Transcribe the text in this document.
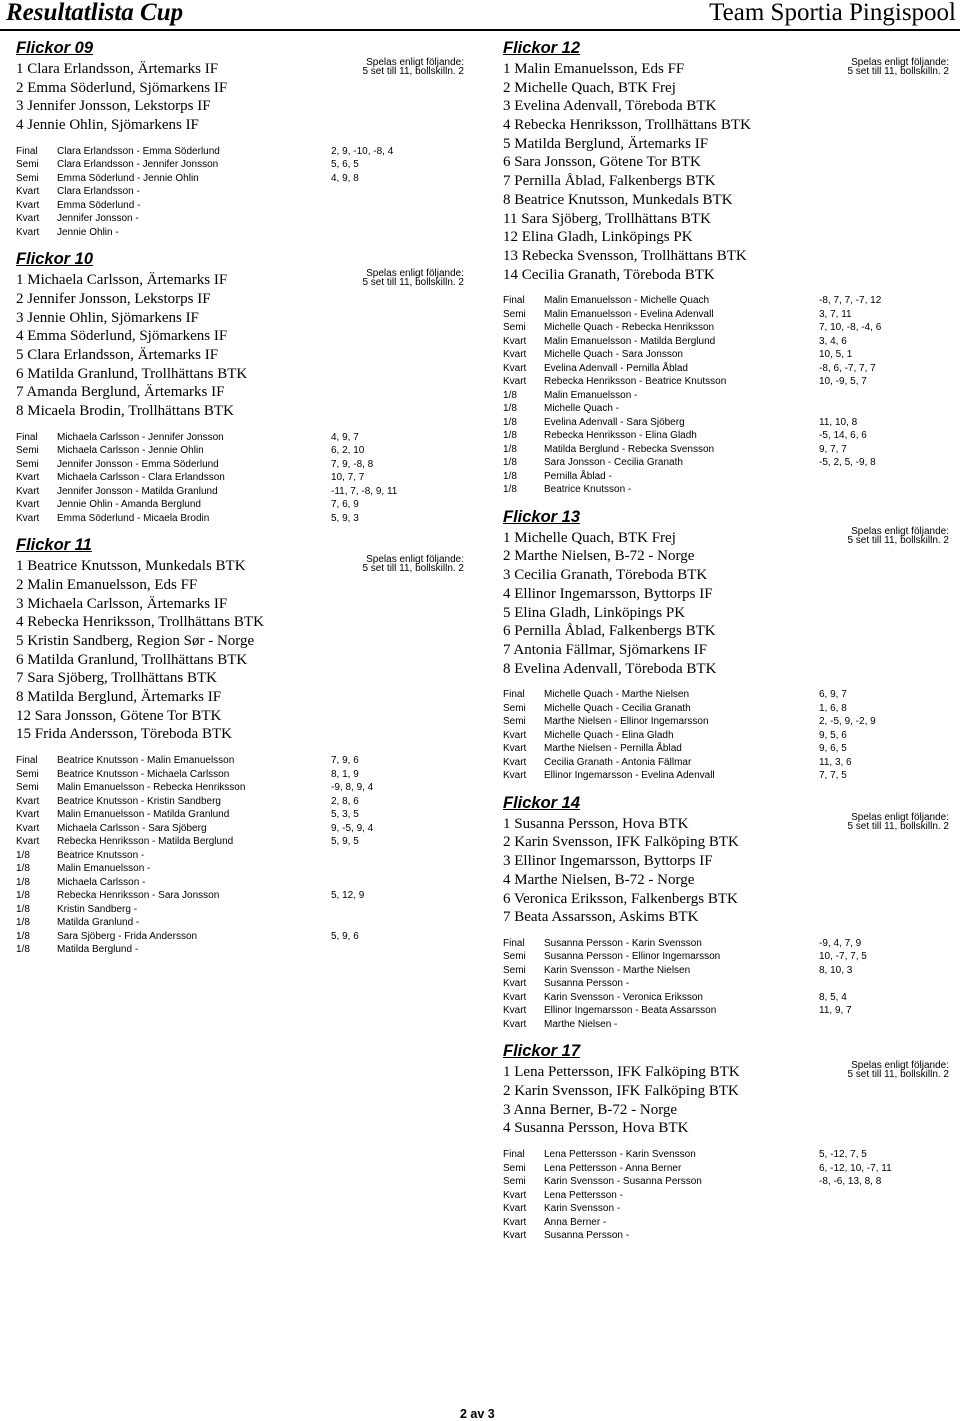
Resultatlista Cup	Team Sportia Pingispool
Flickor 09
Spelas enligt följande:
5 set till 11, bollskilln. 2
1 Clara Erlandsson, Ärtemarks IF
2 Emma Söderlund, Sjömarkens IF
3 Jennifer Jonsson, Lekstorps IF
4 Jennie Ohlin, Sjömarkens IF
Final Clara Erlandsson - Emma Söderlund	2, 9, -10, -8, 4
Semi Clara Erlandsson - Jennifer Jonsson	5, 6, 5
Semi Emma Söderlund - Jennie Ohlin	4, 9, 8
Kvart Clara Erlandsson -
Kvart Emma Söderlund -
Kvart Jennifer Jonsson -
Kvart Jennie Ohlin -
Flickor 10
Spelas enligt följande:
5 set till 11, bollskilln. 2
1 Michaela Carlsson, Ärtemarks IF
2 Jennifer Jonsson, Lekstorps IF
3 Jennie Ohlin, Sjömarkens IF
4 Emma Söderlund, Sjömarkens IF
5 Clara Erlandsson, Ärtemarks IF
6 Matilda Granlund, Trollhättans BTK
7 Amanda Berglund, Ärtemarks IF
8 Micaela Brodin, Trollhättans BTK
Final Michaela Carlsson - Jennifer Jonsson	4, 9, 7
Semi Michaela Carlsson - Jennie Ohlin	6, 2, 10
Semi Jennifer Jonsson - Emma Söderlund	7, 9, -8, 8
Kvart Michaela Carlsson - Clara Erlandsson	10, 7, 7
Kvart Jennifer Jonsson - Matilda Granlund	-11, 7, -8, 9, 11
Kvart Jennie Ohlin - Amanda Berglund	7, 6, 9
Kvart Emma Söderlund - Micaela Brodin	5, 9, 3
Flickor 11
Spelas enligt följande:
5 set till 11, bollskilln. 2
1 Beatrice Knutsson, Munkedals BTK
2 Malin Emanuelsson, Eds FF
3 Michaela Carlsson, Ärtemarks IF
4 Rebecka Henriksson, Trollhättans BTK
5 Kristin Sandberg, Region Sør - Norge
6 Matilda Granlund, Trollhättans BTK
7 Sara Sjöberg, Trollhättans BTK
8 Matilda Berglund, Ärtemarks IF
12 Sara Jonsson, Götene Tor BTK
15 Frida Andersson, Töreboda BTK
Final Beatrice Knutsson - Malin Emanuelsson	7, 9, 6
Semi Beatrice Knutsson - Michaela Carlsson	8, 1, 9
Semi Malin Emanuelsson - Rebecka Henriksson	-9, 8, 9, 4
Kvart Beatrice Knutsson - Kristin Sandberg	2, 8, 6
Kvart Malin Emanuelsson - Matilda Granlund	5, 3, 5
Kvart Michaela Carlsson - Sara Sjöberg	9, -5, 9, 4
Kvart Rebecka Henriksson - Matilda Berglund	5, 9, 5
1/8	Beatrice Knutsson -
1/8	Malin Emanuelsson -
1/8	Michaela Carlsson -
1/8	Rebecka Henriksson - Sara Jonsson	5, 12, 9
1/8	Kristin Sandberg -
1/8	Matilda Granlund -
1/8	Sara Sjöberg - Frida Andersson	5, 9, 6
1/8	Matilda Berglund -
Flickor 12
Spelas enligt följande:
5 set till 11, bollskilln. 2
1 Malin Emanuelsson, Eds FF
2 Michelle Quach, BTK Frej
3 Evelina Adenvall, Töreboda BTK
4 Rebecka Henriksson, Trollhättans BTK
5 Matilda Berglund, Ärtemarks IF
6 Sara Jonsson, Götene Tor BTK
7 Pernilla Åblad, Falkenbergs BTK
8 Beatrice Knutsson, Munkedals BTK
11 Sara Sjöberg, Trollhättans BTK
12 Elina Gladh, Linköpings PK
13 Rebecka Svensson, Trollhättans BTK
14 Cecilia Granath, Töreboda BTK
Final Malin Emanuelsson - Michelle Quach	-8, 7, 7, -7, 12
Semi Malin Emanuelsson - Evelina Adenvall	3, 7, 11
Semi Michelle Quach - Rebecka Henriksson	7, 10, -8, -4, 6
Kvart Malin Emanuelsson - Matilda Berglund	3, 4, 6
Kvart Michelle Quach - Sara Jonsson	10, 5, 1
Kvart Evelina Adenvall - Pernilla Åblad	-8, 6, -7, 7, 7
Kvart Rebecka Henriksson - Beatrice Knutsson	10, -9, 5, 7
1/8	Malin Emanuelsson -
1/8	Michelle Quach -
1/8	Evelina Adenvall - Sara Sjöberg	11, 10, 8
1/8	Rebecka Henriksson - Elina Gladh	-5, 14, 6, 6
1/8	Matilda Berglund - Rebecka Svensson	9, 7, 7
1/8	Sara Jonsson - Cecilia Granath	-5, 2, 5, -9, 8
1/8	Pernilla Åblad -
1/8	Beatrice Knutsson -
Flickor 13
Spelas enligt följande:
5 set till 11, bollskilln. 2
1 Michelle Quach, BTK Frej
2 Marthe Nielsen, B-72 - Norge
3 Cecilia Granath, Töreboda BTK
4 Ellinor Ingemarsson, Byttorps IF
5 Elina Gladh, Linköpings PK
6 Pernilla Åblad, Falkenbergs BTK
7 Antonia Fällmar, Sjömarkens IF
8 Evelina Adenvall, Töreboda BTK
Final Michelle Quach - Marthe Nielsen	6, 9, 7
Semi Michelle Quach - Cecilia Granath	1, 6, 8
Semi Marthe Nielsen - Ellinor Ingemarsson	2, -5, 9, -2, 9
Kvart Michelle Quach - Elina Gladh	9, 5, 6
Kvart Marthe Nielsen - Pernilla Åblad	9, 6, 5
Kvart Cecilia Granath - Antonia Fällmar	11, 3, 6
Kvart Ellinor Ingemarsson - Evelina Adenvall	7, 7, 5
Flickor 14
Spelas enligt följande:
5 set till 11, bollskilln. 2
1 Susanna Persson, Hova BTK
2 Karin Svensson, IFK Falköping BTK
3 Ellinor Ingemarsson, Byttorps IF
4 Marthe Nielsen, B-72 - Norge
6 Veronica Eriksson, Falkenbergs BTK
7 Beata Assarsson, Askims BTK
Final Susanna Persson - Karin Svensson	-9, 4, 7, 9
Semi Susanna Persson - Ellinor Ingemarsson	10, -7, 7, 5
Semi Karin Svensson - Marthe Nielsen	8, 10, 3
Kvart Susanna Persson -
Kvart Karin Svensson - Veronica Eriksson	8, 5, 4
Kvart Ellinor Ingemarsson - Beata Assarsson	11, 9, 7
Kvart Marthe Nielsen -
Flickor 17
Spelas enligt följande:
5 set till 11, bollskilln. 2
1 Lena Pettersson, IFK Falköping BTK
2 Karin Svensson, IFK Falköping BTK
3 Anna Berner, B-72 - Norge
4 Susanna Persson, Hova BTK
Final Lena Pettersson - Karin Svensson	5, -12, 7, 5
Semi Lena Pettersson - Anna Berner	6, -12, 10, -7, 11
Semi Karin Svensson - Susanna Persson	-8, -6, 13, 8, 8
Kvart Lena Pettersson -
Kvart Karin Svensson -
Kvart Anna Berner -
Kvart Susanna Persson -
2 av 3
